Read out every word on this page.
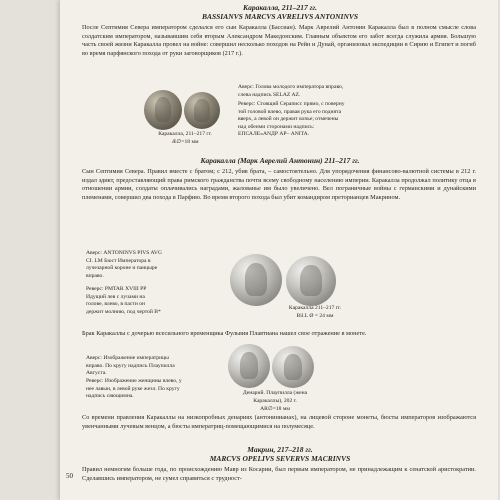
Каракалла, 211–217 гг.
BASSIANVS MARCVS AVRELIVS ANTONINVS
После Септимия Севера императором сделался его сын Каракалла (Бассиан). Марк Аврелий Антонин Каракалла был в полном смысле слова солдатским императором, называвшим себя вторым Александром Македонским. Главным объектом его забот всегда служила армия. Большую часть своей жизни Каракалла провел на войне: совершил несколько походов на Рейн и Дунай, организовал экспедиции в Сирию и Египет и погиб во время парфянского похода от руки заговорщиков (217 г.).
Каракалла, 211–217 гг.
Æ∅=18 мм
Аверс: Голова молодого императора вправо, слева надпись SELAZ AZ.
Реверс: Стоящий Сераписс прямо, с поверну той головой влево, правая рука его поднята вверх, а левой он держит копье; отмечены над обеими сторонами надпись: ЕПСАЛЕ«АNДР АР– ANITA.
Каракалла (Марк Аврелий Антонин) 211–217 гг.
Сын Септимия Севера. Правил вместе с братом; с 212, убив брата, – самостоятельно. Для упорядочения финансово-валютной системы в 212 г. издал эдикт, предоставляющий права римского гражданства почти всему свободному населению империи. Каракалла продолжал политику отца в отношении армии, солдаты оплачивались наградами, жалованье им было увеличено. Вел пограничные войны с германскими и дунайскими племенами, совершил два похода в Парфию. Во время второго похода был убит командиром преторианцев Макрином.
Аверс: ANTONINVS PIVS AVG CI. LM Бюст Императора в лучезарной короне и панцыре вправо.
Реверс: PMTAR XVIII PP Идущий лев с лучами на голове, влево, в пасти он держит молнию, под чертой В*
Каракалла 211–217 гг.
Bil.L Ø = 24 мм
Брак Каракаллы с дочерью всесильного временщика Фульвия Плавтиана нашел свое отражение в монете.
Аверс: Изображение императрицы вправо. По кругу надпись Плаупилла Августа.
Реверс: Изображение женщины влево, у нее лавын, в левой руке жезл. По кругу надпись сяющимна.
Денарий. Плаупилла (жена Каракаллы), 202 г.
AR∅=18 мм
Со времени правления Каракаллы на низкопробных денариях (антонинианах), на лицевой стороне монеты, бюсты императоров изображаются увенчанными лучевым венцом, а бюсты императриц-помещающимися на полумесяце.
Макрин, 217–218 гг.
MARCVS OPELIVS SEVERVS MACRINVS
Правил немногим больше года, по происхождению Мавр из Косарии, был первым императором, не принадлежащим к сенатской аристократии. Сделавшись императором, не сумел справиться с трудност-
50
